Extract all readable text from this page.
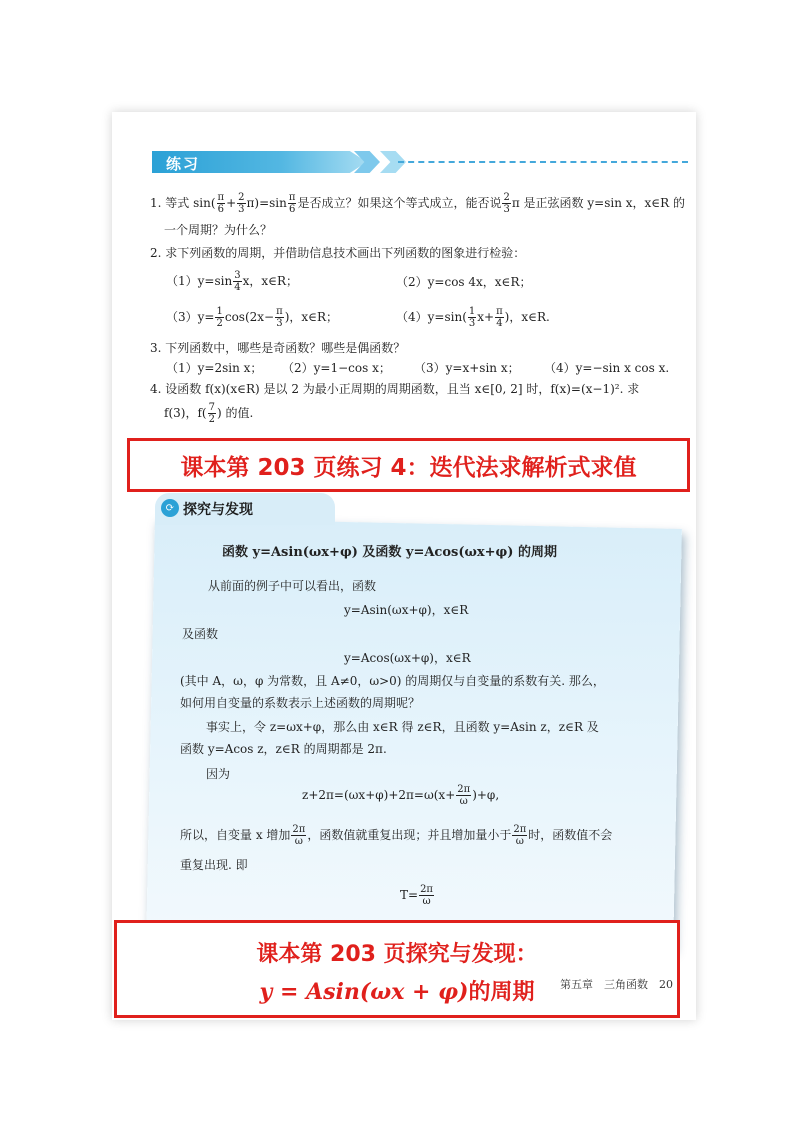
练习
1. 等式 $\sin( \frac{\pi}{6} + \frac{2}{3} \pi)=\sin \frac{\pi}{6}$ 是否成立？如果这个等式成立，能否说 $\frac{2}{3}$ π 是正弦函数 y=sin x，x∈R 的
一个周期？为什么？
2. 求下列函数的周期，并借助信息技术画出下列函数的图象进行检验：
$(1)y=\sin \frac{3}{4}$ x，x∈R；	（2）y=cos 4x，x∈R；
$(3)y= \frac{1}{2} \cos(2x- \frac{\pi}{3}$ )，x∈R；	$(4)y=\sin( \frac{1}{3} x+ \frac{\pi}{4}$ )，x∈R.
3. 下列函数中，哪些是奇函数？哪些是偶函数？
（1）y=2sin x； （2）y=1−cos x； （3）y=x+sin x； （4）y=−sin x cos x.
4. 设函数 f(x)(x∈R) 是以 2 为最小正周期的周期函数，且当 x∈[0, 2] 时，f(x)=(x−1)². 求
f(3)，$f( \frac{7}{2}$ ) 的值.
课本第 203 页练习 4：迭代法求解析式求值
⟳ 探究与发现
函数 y=Asin(ωx+φ) 及函数 y=Acos(ωx+φ) 的周期
从前面的例子中可以看出，函数
y=Asin(ωx+φ)，x∈R
及函数
y=Acos(ωx+φ)，x∈R
(其中 A，ω，φ 为常数，且 A≠0，ω>0) 的周期仅与自变量的系数有关. 那么，
如何用自变量的系数表示上述函数的周期呢？
事实上，令 z=ωx+φ，那么由 x∈R 得 z∈R，且函数 y=Asin z，z∈R 及
函数 y=Acos z，z∈R 的周期都是 2π.
因为
$z+2\pi=(\omega x+\varphi)+2\pi=\omega(x+ \frac{2\pi}{\omega} )+\varphi$,
所以，自变量 x 增加 $\frac{2\pi}{\omega}$ ，函数值就重复出现；并且增加量小于 $\frac{2\pi}{\omega}$ 时，函数值不会
重复出现. 即
$T= \frac{2\pi}{\omega}$
课本第 203 页探究与发现：
y = Asin(ωx + φ)的周期	第五章　三角函数　20
